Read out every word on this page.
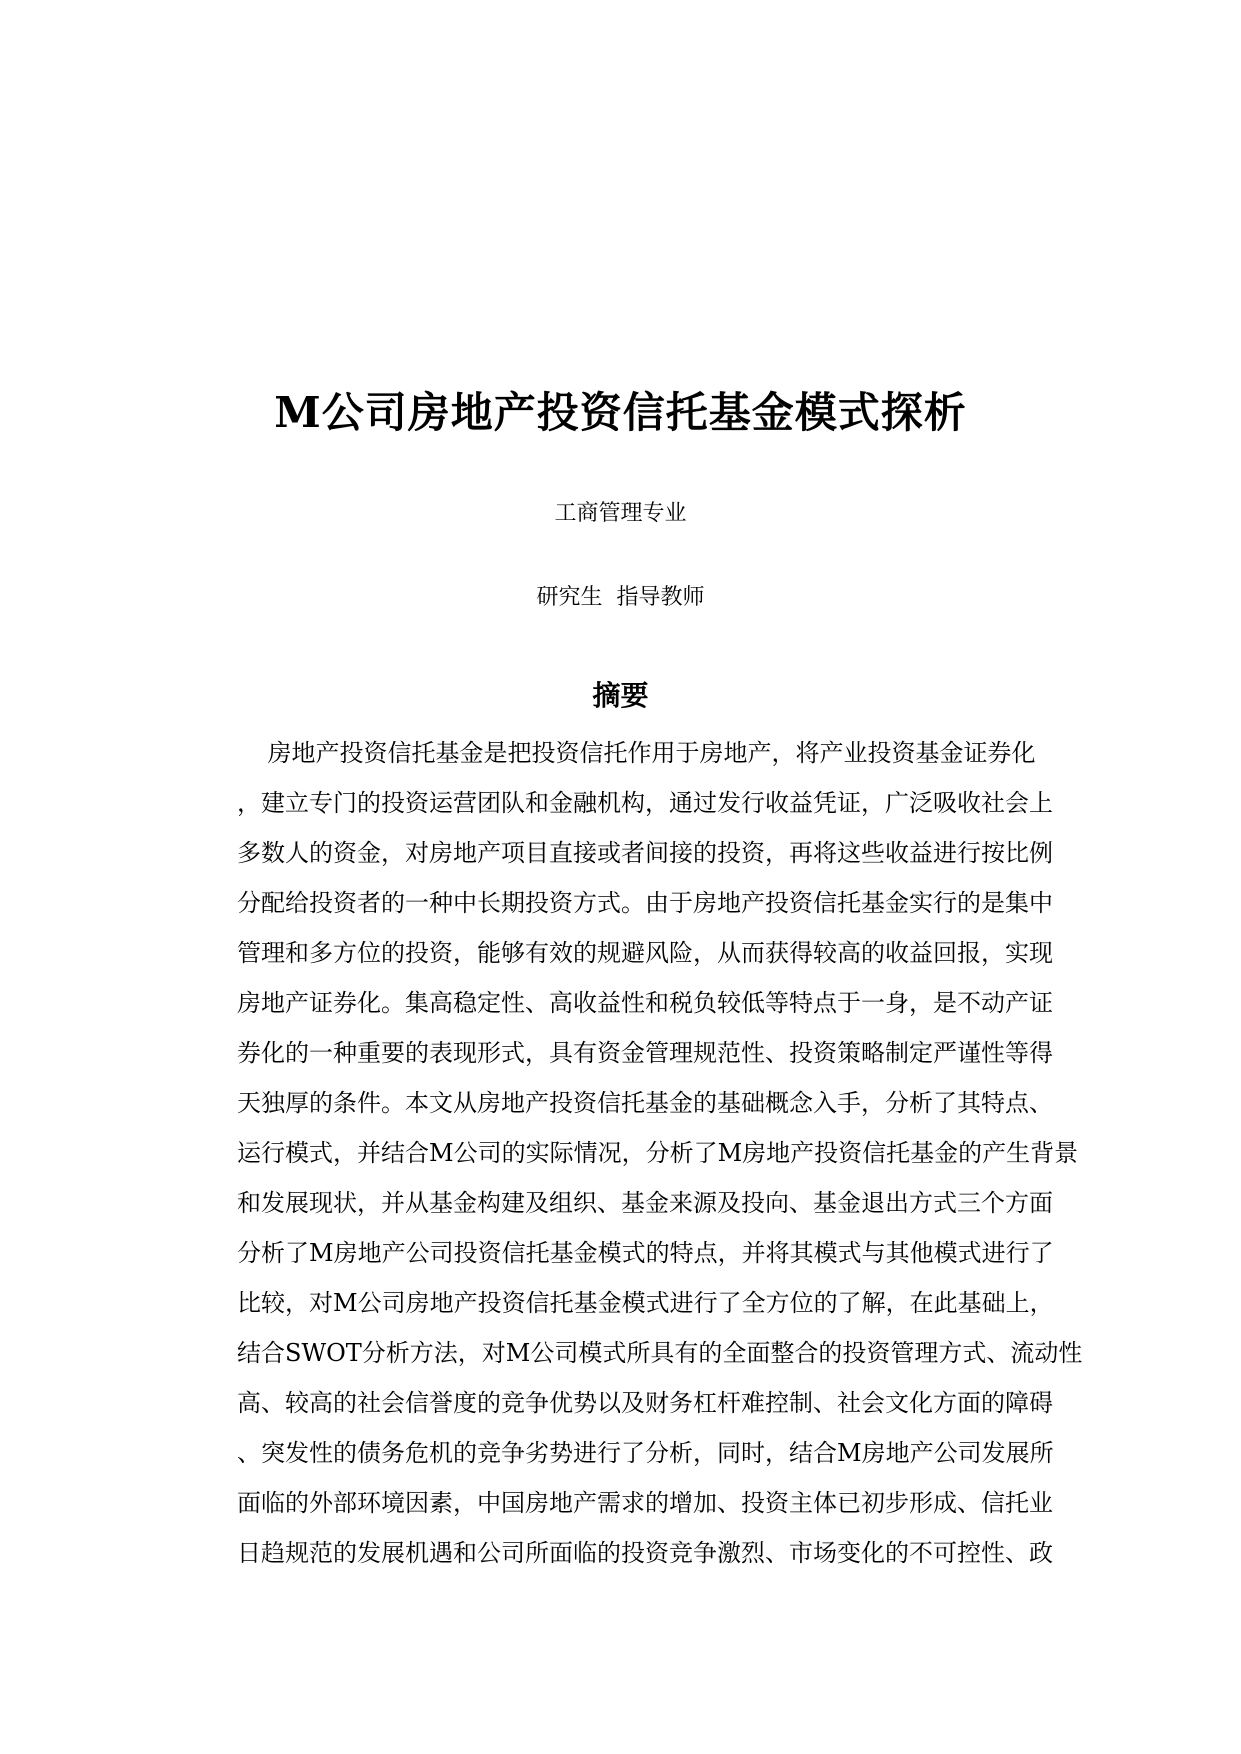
M公司房地产投资信托基金模式探析
工商管理专业
研究生  指导教师
摘要
房地产投资信托基金是把投资信托作用于房地产，将产业投资基金证券化
，建立专门的投资运营团队和金融机构，通过发行收益凭证，广泛吸收社会上
多数人的资金，对房地产项目直接或者间接的投资，再将这些收益进行按比例
分配给投资者的一种中长期投资方式。由于房地产投资信托基金实行的是集中
管理和多方位的投资，能够有效的规避风险，从而获得较高的收益回报，实现
房地产证券化。集高稳定性、高收益性和税负较低等特点于一身，是不动产证
券化的一种重要的表现形式，具有资金管理规范性、投资策略制定严谨性等得
天独厚的条件。本文从房地产投资信托基金的基础概念入手，分析了其特点、
运行模式，并结合M公司的实际情况，分析了M房地产投资信托基金的产生背景
和发展现状，并从基金构建及组织、基金来源及投向、基金退出方式三个方面
分析了M房地产公司投资信托基金模式的特点，并将其模式与其他模式进行了
比较，对M公司房地产投资信托基金模式进行了全方位的了解，在此基础上，
结合SWOT分析方法，对M公司模式所具有的全面整合的投资管理方式、流动性
高、较高的社会信誉度的竞争优势以及财务杠杆难控制、社会文化方面的障碍
、突发性的债务危机的竞争劣势进行了分析，同时，结合M房地产公司发展所
面临的外部环境因素，中国房地产需求的增加、投资主体已初步形成、信托业
日趋规范的发展机遇和公司所面临的投资竞争激烈、市场变化的不可控性、政
